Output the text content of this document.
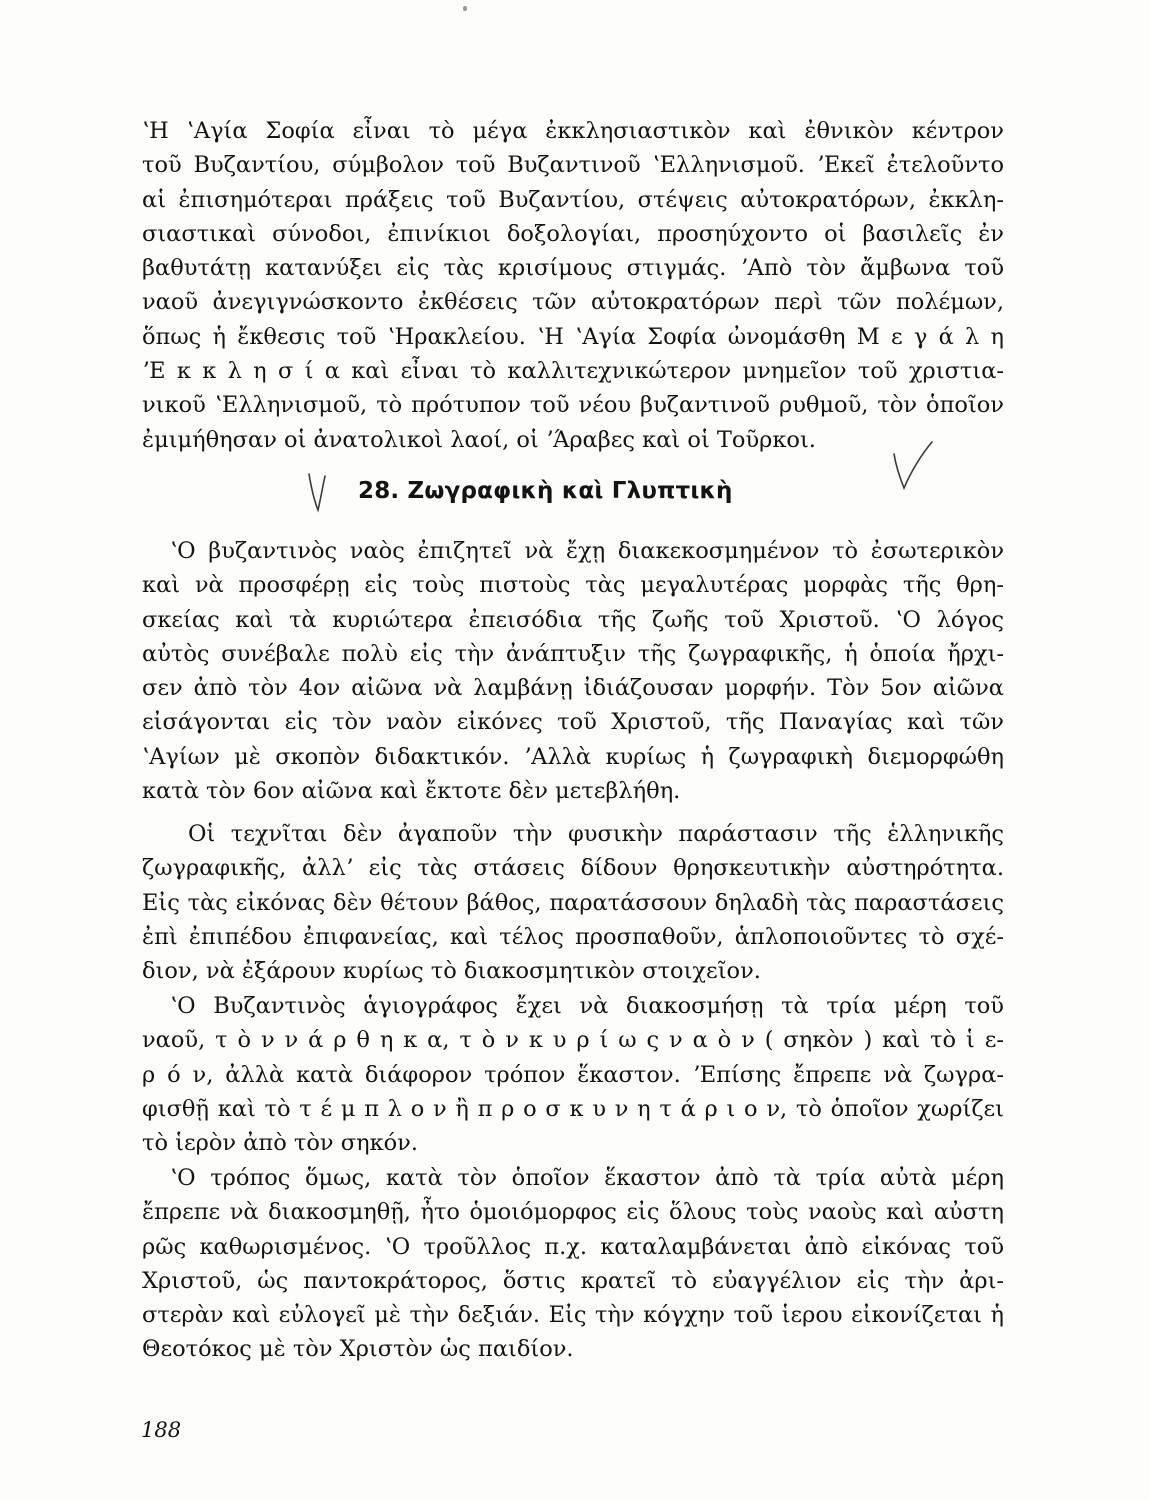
ʽΗ ʽΑγία Σοφία εἶναι τὸ μέγα ἐκκλησιαστικὸν καὶ ἐθνικὸν κέντρον
τοῦ Βυζαντίου, σύμβολον τοῦ Βυζαντινοῦ ʽΕλληνισμοῦ. ʼΕκεῖ ἐτελοῦντο
αἱ ἐπισημότεραι πράξεις τοῦ Βυζαντίου, στέψεις αὐτοκρατόρων, ἐκκλη-
σιαστικαὶ σύνοδοι, ἐπινίκιοι δοξολογίαι, προσηύχοντο οἱ βασιλεῖς ἐν
βαθυτάτῃ κατανύξει εἰς τὰς κρισίμους στιγμάς. ʼΑπὸ τὸν ἄμβωνα τοῦ
ναοῦ ἀνεγιγνώσκοντο ἐκθέσεις τῶν αὐτοκρατόρων περὶ τῶν πολέμων,
ὅπως ἡ ἔκθεσις τοῦ ʽΗρακλείου. ʽΗ ʽΑγία Σοφία ὠνομάσθη Μ ε γ ά λ η
ʼΕ κ κ λ η σ ί α καὶ εἶναι τὸ καλλιτεχνικώτερον μνημεῖον τοῦ χριστια-
νικοῦ ʽΕλληνισμοῦ, τὸ πρότυπον τοῦ νέου βυζαντινοῦ ρυθμοῦ, τὸν ὁποῖον
ἐμιμήθησαν οἱ ἀνατολικοὶ λαοί, οἱ ʼΆραβες καὶ οἱ Τοῦρκοι.
28. Ζωγραφικὴ καὶ Γλυπτικὴ
ʽΟ βυζαντινὸς ναὸς ἐπιζητεῖ νὰ ἔχῃ διακεκοσμημένον τὸ ἐσωτερικὸν
καὶ νὰ προσφέρῃ εἰς τοὺς πιστοὺς τὰς μεγαλυτέρας μορφὰς τῆς θρη-
σκείας καὶ τὰ κυριώτερα ἐπεισόδια τῆς ζωῆς τοῦ Χριστοῦ. ʽΟ λόγος
αὐτὸς συνέβαλε πολὺ εἰς τὴν ἀνάπτυξιν τῆς ζωγραφικῆς, ἡ ὁποία ἤρχι-
σεν ἀπὸ τὸν 4ον αἰῶνα νὰ λαμβάνῃ ἰδιάζουσαν μορφήν. Τὸν 5ον αἰῶνα
εἰσάγονται εἰς τὸν ναὸν εἰκόνες τοῦ Χριστοῦ, τῆς Παναγίας καὶ τῶν
ʽΑγίων μὲ σκοπὸν διδακτικόν. ʼΑλλὰ κυρίως ἡ ζωγραφικὴ διεμορφώθη
κατὰ τὸν 6ον αἰῶνα καὶ ἔκτοτε δὲν μετεβλήθη.
Οἱ τεχνῖται δὲν ἀγαποῦν τὴν φυσικὴν παράστασιν τῆς ἑλληνικῆς
ζωγραφικῆς, ἀλλʼ εἰς τὰς στάσεις δίδουν θρησκευτικὴν αὐστηρότητα.
Εἰς τὰς εἰκόνας δὲν θέτουν βάθος, παρατάσσουν δηλαδὴ τὰς παραστάσεις
ἐπὶ ἐπιπέδου ἐπιφανείας, καὶ τέλος προσπαθοῦν, ἁπλοποιοῦντες τὸ σχέ-
διον, νὰ ἐξάρουν κυρίως τὸ διακοσμητικὸν στοιχεῖον.
ʽΟ Βυζαντινὸς ἁγιογράφος ἔχει νὰ διακοσμήσῃ τὰ τρία μέρη τοῦ
ναοῦ, τ ὸ ν ν ά ρ θ η κ α, τ ὸ ν κ υ ρ ί ω ς ν α ὸ ν ( σηκὸν ) καὶ τὸ ἱ ε-
ρ ό ν, ἀλλὰ κατὰ διάφορον τρόπον ἕκαστον. ʼΕπίσης ἔπρεπε νὰ ζωγρα-
φισθῇ καὶ τὸ τ έ μ π λ ο ν ἢ π ρ ο σ κ υ ν η τ ά ρ ι ο ν, τὸ ὁποῖον χωρίζει
τὸ ἱερὸν ἀπὸ τὸν σηκόν.
ʽΟ τρόπος ὅμως, κατὰ τὸν ὁποῖον ἕκαστον ἀπὸ τὰ τρία αὐτὰ μέρη
ἔπρεπε νὰ διακοσμηθῇ, ἦτο ὁμοιόμορφος εἰς ὅλους τοὺς ναοὺς καὶ αὐστη
ρῶς καθωρισμένος. ʽΟ τροῦλλος π.χ. καταλαμβάνεται ἀπὸ εἰκόνας τοῦ
Χριστοῦ, ὡς παντοκράτορος, ὅστις κρατεῖ τὸ εὐαγγέλιον εἰς τὴν ἀρι-
στερὰν καὶ εὐλογεῖ μὲ τὴν δεξιάν. Εἰς τὴν κόγχην τοῦ ἱερου εἰκονίζεται ἡ
Θεοτόκος μὲ τὸν Χριστὸν ὡς παιδίον.
188
